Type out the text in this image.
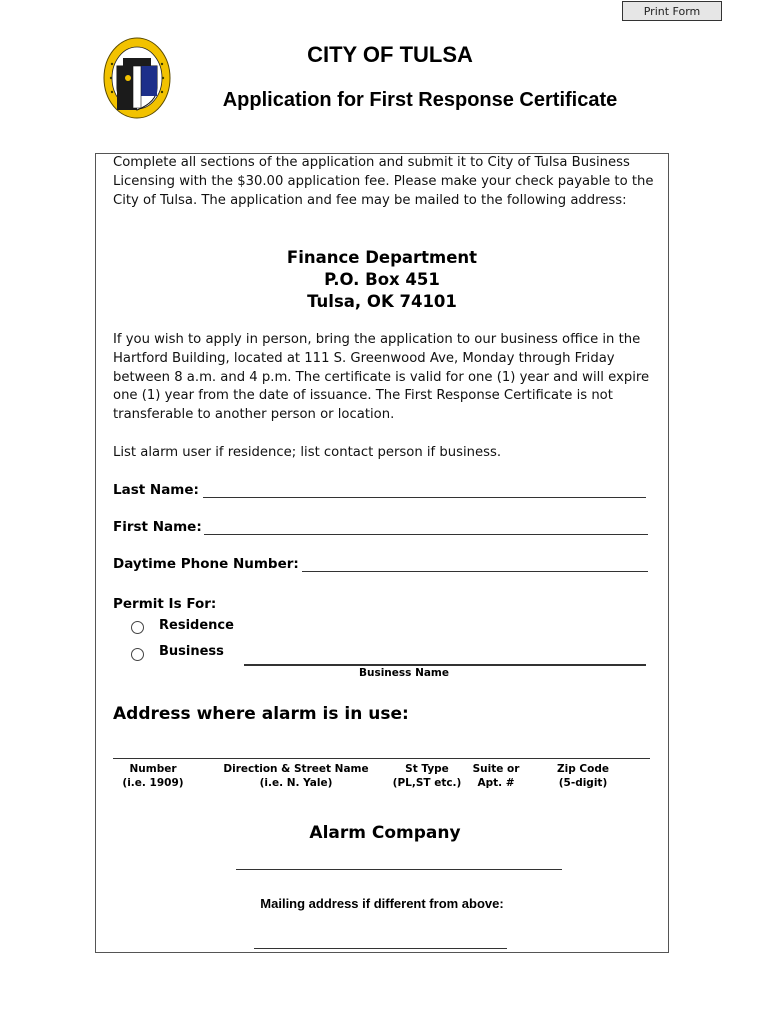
Print Form
CITY OF TULSA
Application for First Response Certificate
Complete all sections of the application and submit it to City of Tulsa Business Licensing with the $30.00 application fee. Please make your check payable to the City of Tulsa. The application and fee may be mailed to the following address:
Finance Department
P.O. Box 451
Tulsa, OK 74101
If you wish to apply in person, bring the application to our business office in the Hartford Building, located at 111 S. Greenwood Ave, Monday through Friday between 8 a.m. and 4 p.m. The certificate is valid for one (1) year and will expire one (1) year from the date of issuance. The First Response Certificate is not transferable to another person or location.
List alarm user if residence; list contact person if business.
Last Name:
First Name:
Daytime Phone Number:
Permit Is For:
Residence
Business
Business Name
Address where alarm is in use:
Number
(i.e. 1909)
Direction & Street Name
(i.e. N. Yale)
St Type
(PL,ST etc.)
Suite or
Apt. #
Zip Code
(5-digit)
Alarm Company
Mailing address if different from above:
